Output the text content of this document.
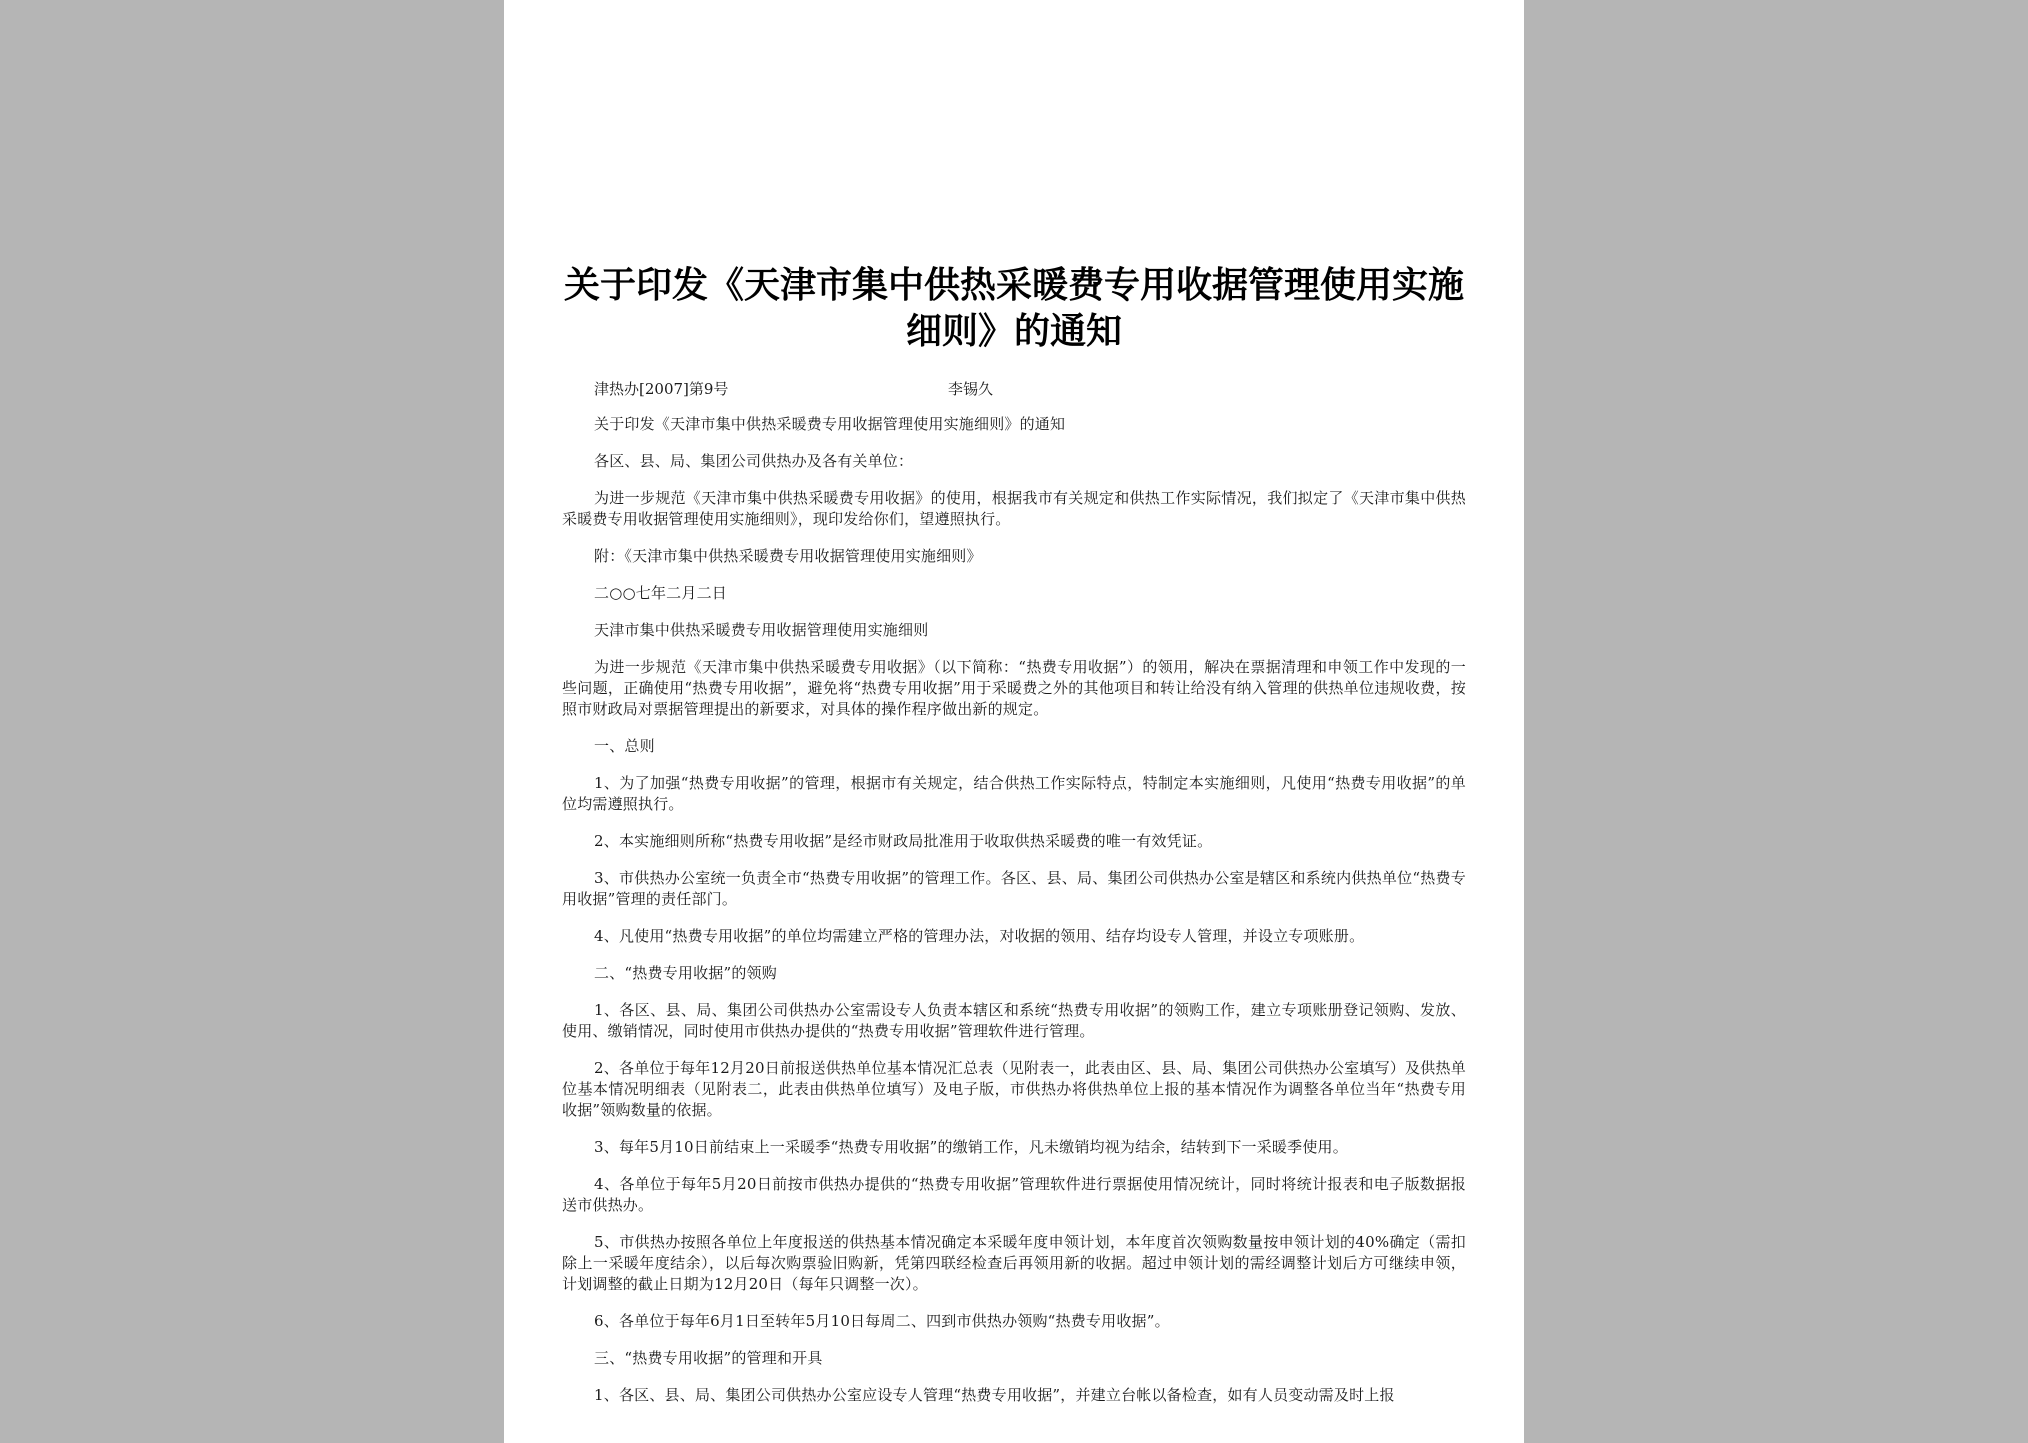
关于印发《天津市集中供热采暖费专用收据管理使用实施细则》的通知
津热办[2007]第9号	李锡久

关于印发《天津市集中供热采暖费专用收据管理使用实施细则》的通知

各区、县、局、集团公司供热办及各有关单位：

为进一步规范《天津市集中供热采暖费专用收据》的使用，根据我市有关规定和供热工作实际情况，我们拟定了《天津市集中供热采暖费专用收据管理使用实施细则》，现印发给你们，望遵照执行。

附：《天津市集中供热采暖费专用收据管理使用实施细则》

二○○七年二月二日

天津市集中供热采暖费专用收据管理使用实施细则

为进一步规范《天津市集中供热采暖费专用收据》（以下简称：“热费专用收据”）的领用，解决在票据清理和申领工作中发现的一些问题，正确使用“热费专用收据”，避免将“热费专用收据”用于采暖费之外的其他项目和转让给没有纳入管理的供热单位违规收费，按照市财政局对票据管理提出的新要求，对具体的操作程序做出新的规定。

一、总则

1、为了加强“热费专用收据”的管理，根据市有关规定，结合供热工作实际特点，特制定本实施细则，凡使用“热费专用收据”的单位均需遵照执行。

2、本实施细则所称“热费专用收据”是经市财政局批准用于收取供热采暖费的唯一有效凭证。

3、市供热办公室统一负责全市“热费专用收据”的管理工作。各区、县、局、集团公司供热办公室是辖区和系统内供热单位“热费专用收据”管理的责任部门。

4、凡使用“热费专用收据”的单位均需建立严格的管理办法，对收据的领用、结存均设专人管理，并设立专项账册。

二、“热费专用收据”的领购

1、各区、县、局、集团公司供热办公室需设专人负责本辖区和系统“热费专用收据”的领购工作，建立专项账册登记领购、发放、使用、缴销情况，同时使用市供热办提供的“热费专用收据”管理软件进行管理。

2、各单位于每年12月20日前报送供热单位基本情况汇总表（见附表一，此表由区、县、局、集团公司供热办公室填写）及供热单位基本情况明细表（见附表二，此表由供热单位填写）及电子版，市供热办将供热单位上报的基本情况作为调整各单位当年“热费专用收据”领购数量的依据。

3、每年5月10日前结束上一采暖季“热费专用收据”的缴销工作，凡未缴销均视为结余，结转到下一采暖季使用。

4、各单位于每年5月20日前按市供热办提供的“热费专用收据”管理软件进行票据使用情况统计，同时将统计报表和电子版数据报送市供热办。

5、市供热办按照各单位上年度报送的供热基本情况确定本采暖年度申领计划，本年度首次领购数量按申领计划的40%确定（需扣除上一采暖年度结余），以后每次购票验旧购新，凭第四联经检查后再领用新的收据。超过申领计划的需经调整计划后方可继续申领，计划调整的截止日期为12月20日（每年只调整一次）。

6、各单位于每年6月1日至转年5月10日每周二、四到市供热办领购“热费专用收据”。

三、“热费专用收据”的管理和开具

1、各区、县、局、集团公司供热办公室应设专人管理“热费专用收据”，并建立台帐以备检查，如有人员变动需及时上报
